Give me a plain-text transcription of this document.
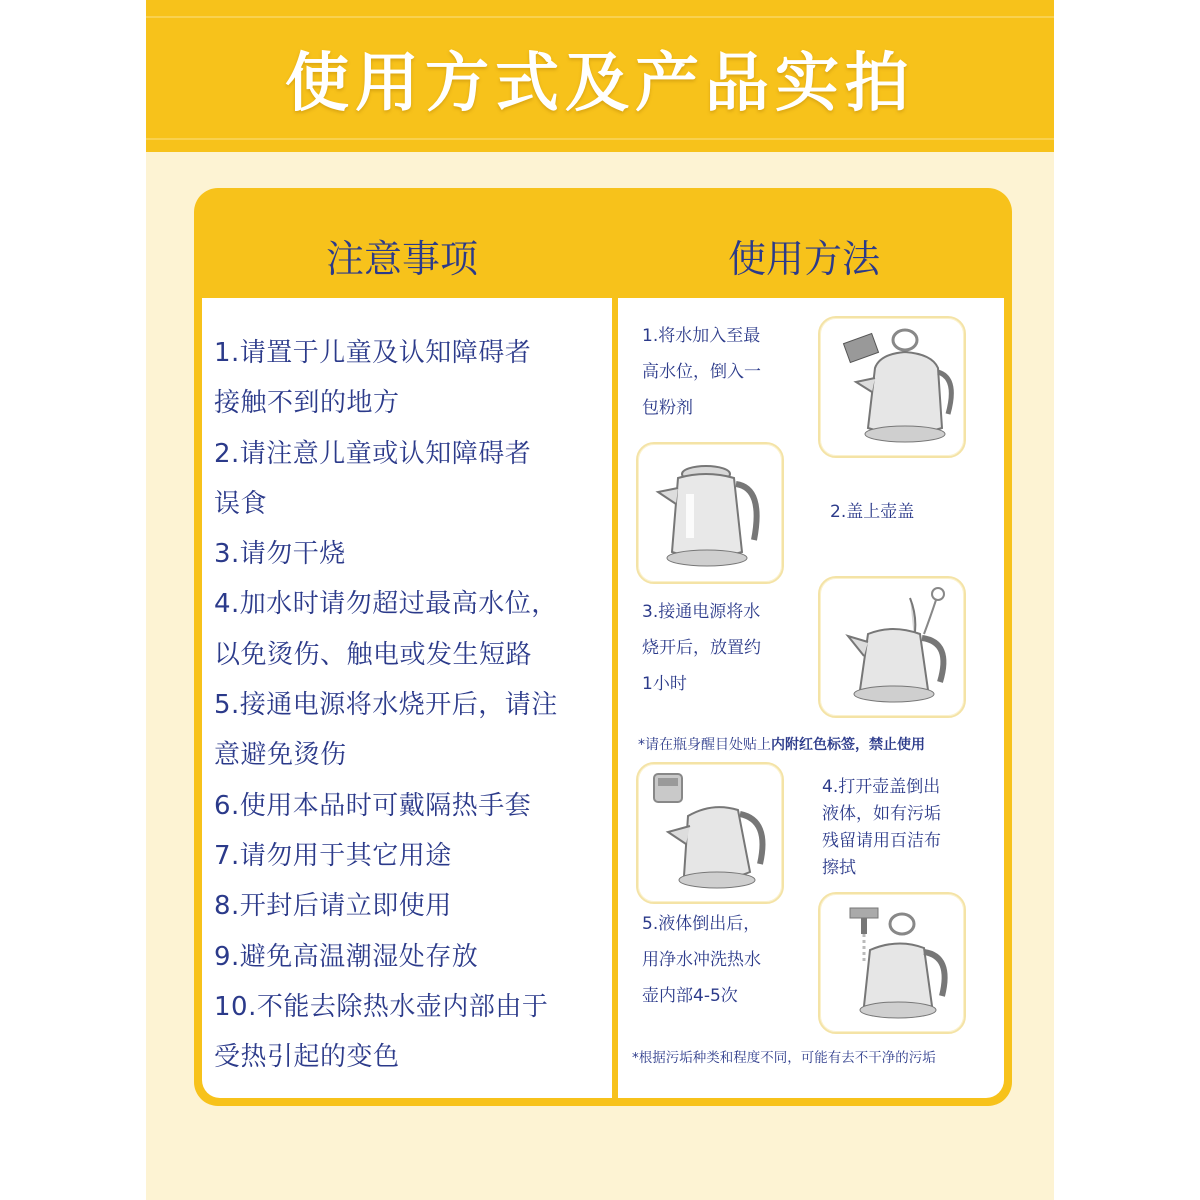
使用方式及产品实拍
注意事项	使用方法
1.请置于儿童及认知障碍者
接触不到的地方
2.请注意儿童或认知障碍者
误食
3.请勿干烧
4.加水时请勿超过最高水位，
以免烫伤、触电或发生短路
5.接通电源将水烧开后，请注
意避免烫伤
6.使用本品时可戴隔热手套
7.请勿用于其它用途
8.开封后请立即使用
9.避免高温潮湿处存放
10.不能去除热水壶内部由于
受热引起的变色
1.将水加入至最
高水位，倒入一
包粉剂
2.盖上壶盖
3.接通电源将水
烧开后，放置约
1小时
*请在瓶身醒目处贴上内附红色标签，禁止使用
4.打开壶盖倒出
液体，如有污垢
残留请用百洁布
擦拭
5.液体倒出后，
用净水冲洗热水
壶内部4-5次
*根据污垢种类和程度不同，可能有去不干净的污垢
